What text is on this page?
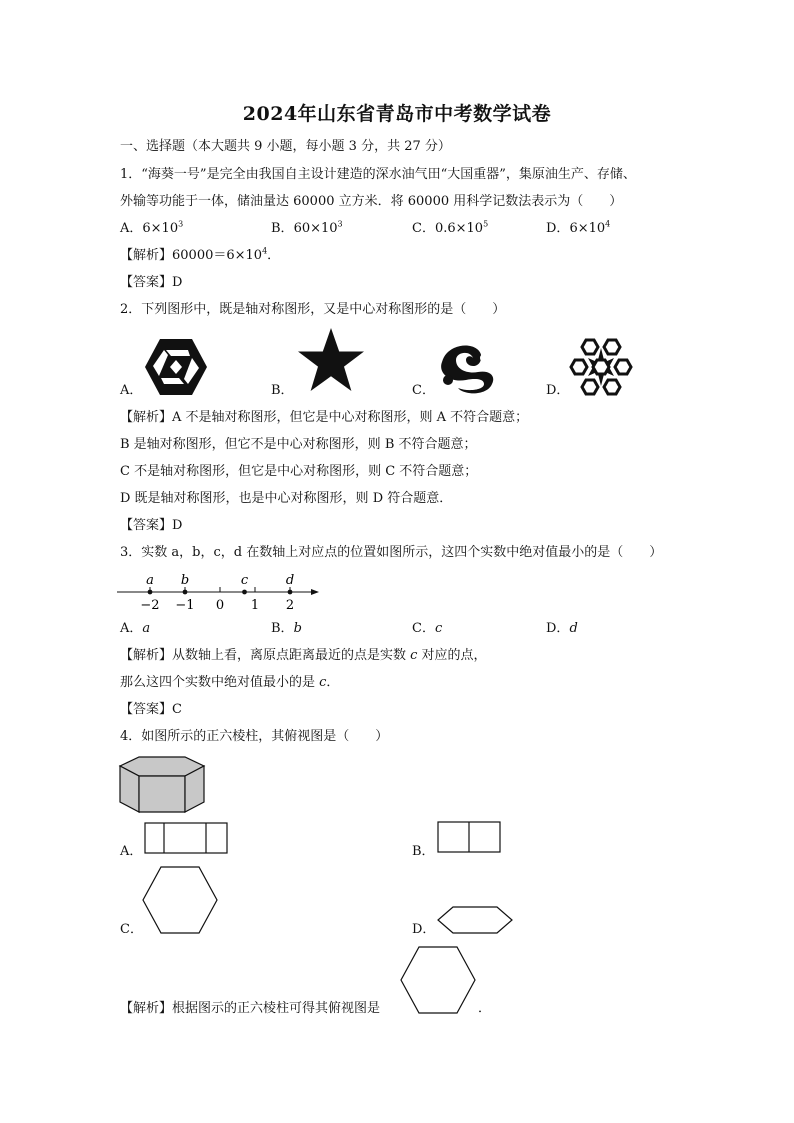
2024年山东省青岛市中考数学试卷
一、选择题（本大题共 9 小题，每小题 3 分，共 27 分）
1．“海葵一号”是完全由我国自主设计建造的深水油气田“大国重器”，集原油生产、存储、
外输等功能于一体，储油量达 60000 立方米．将 60000 用科学记数法表示为（　　）
A．$6\times 10^3$	B．$60\times 10^3$	C．$0.6\times 10^5$	D．$6\times 10^4$
【解析】$60000=6\times 10^4$．
【答案】D
2．下列图形中，既是轴对称图形，又是中心对称图形的是（　　）
A．	B．	C．	D．
【解析】A 不是轴对称图形，但它是中心对称图形，则 A 不符合题意；
B 是轴对称图形，但它不是中心对称图形，则 B 不符合题意；
C 不是轴对称图形，但它是中心对称图形，则 C 不符合题意；
D 既是轴对称图形，也是中心对称图形，则 D 符合题意．
【答案】D
3．实数 a，b，c，d 在数轴上对应点的位置如图所示，这四个实数中绝对值最小的是（　　）
−2 −1 0 1 2
a b	c	d
A．a	B．b	C．c	D．d
【解析】从数轴上看，离原点距离最近的点是实数 c 对应的点，
那么这四个实数中绝对值最小的是 c．
【答案】C
4．如图所示的正六棱柱，其俯视图是（　　）
A．	B．
C．	D．
【解析】根据图示的正六棱柱可得其俯视图是	．
